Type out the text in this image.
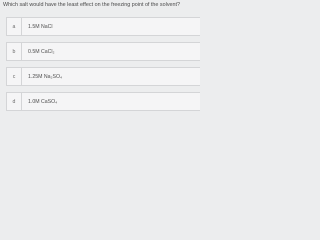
Which salt would have the least effect on the freezing point of the solvent?
a	1.5M NaCl
b	0.5M CaCl₂
c	1.25M Na₂SO₄
d	1.0M CaSO₄
